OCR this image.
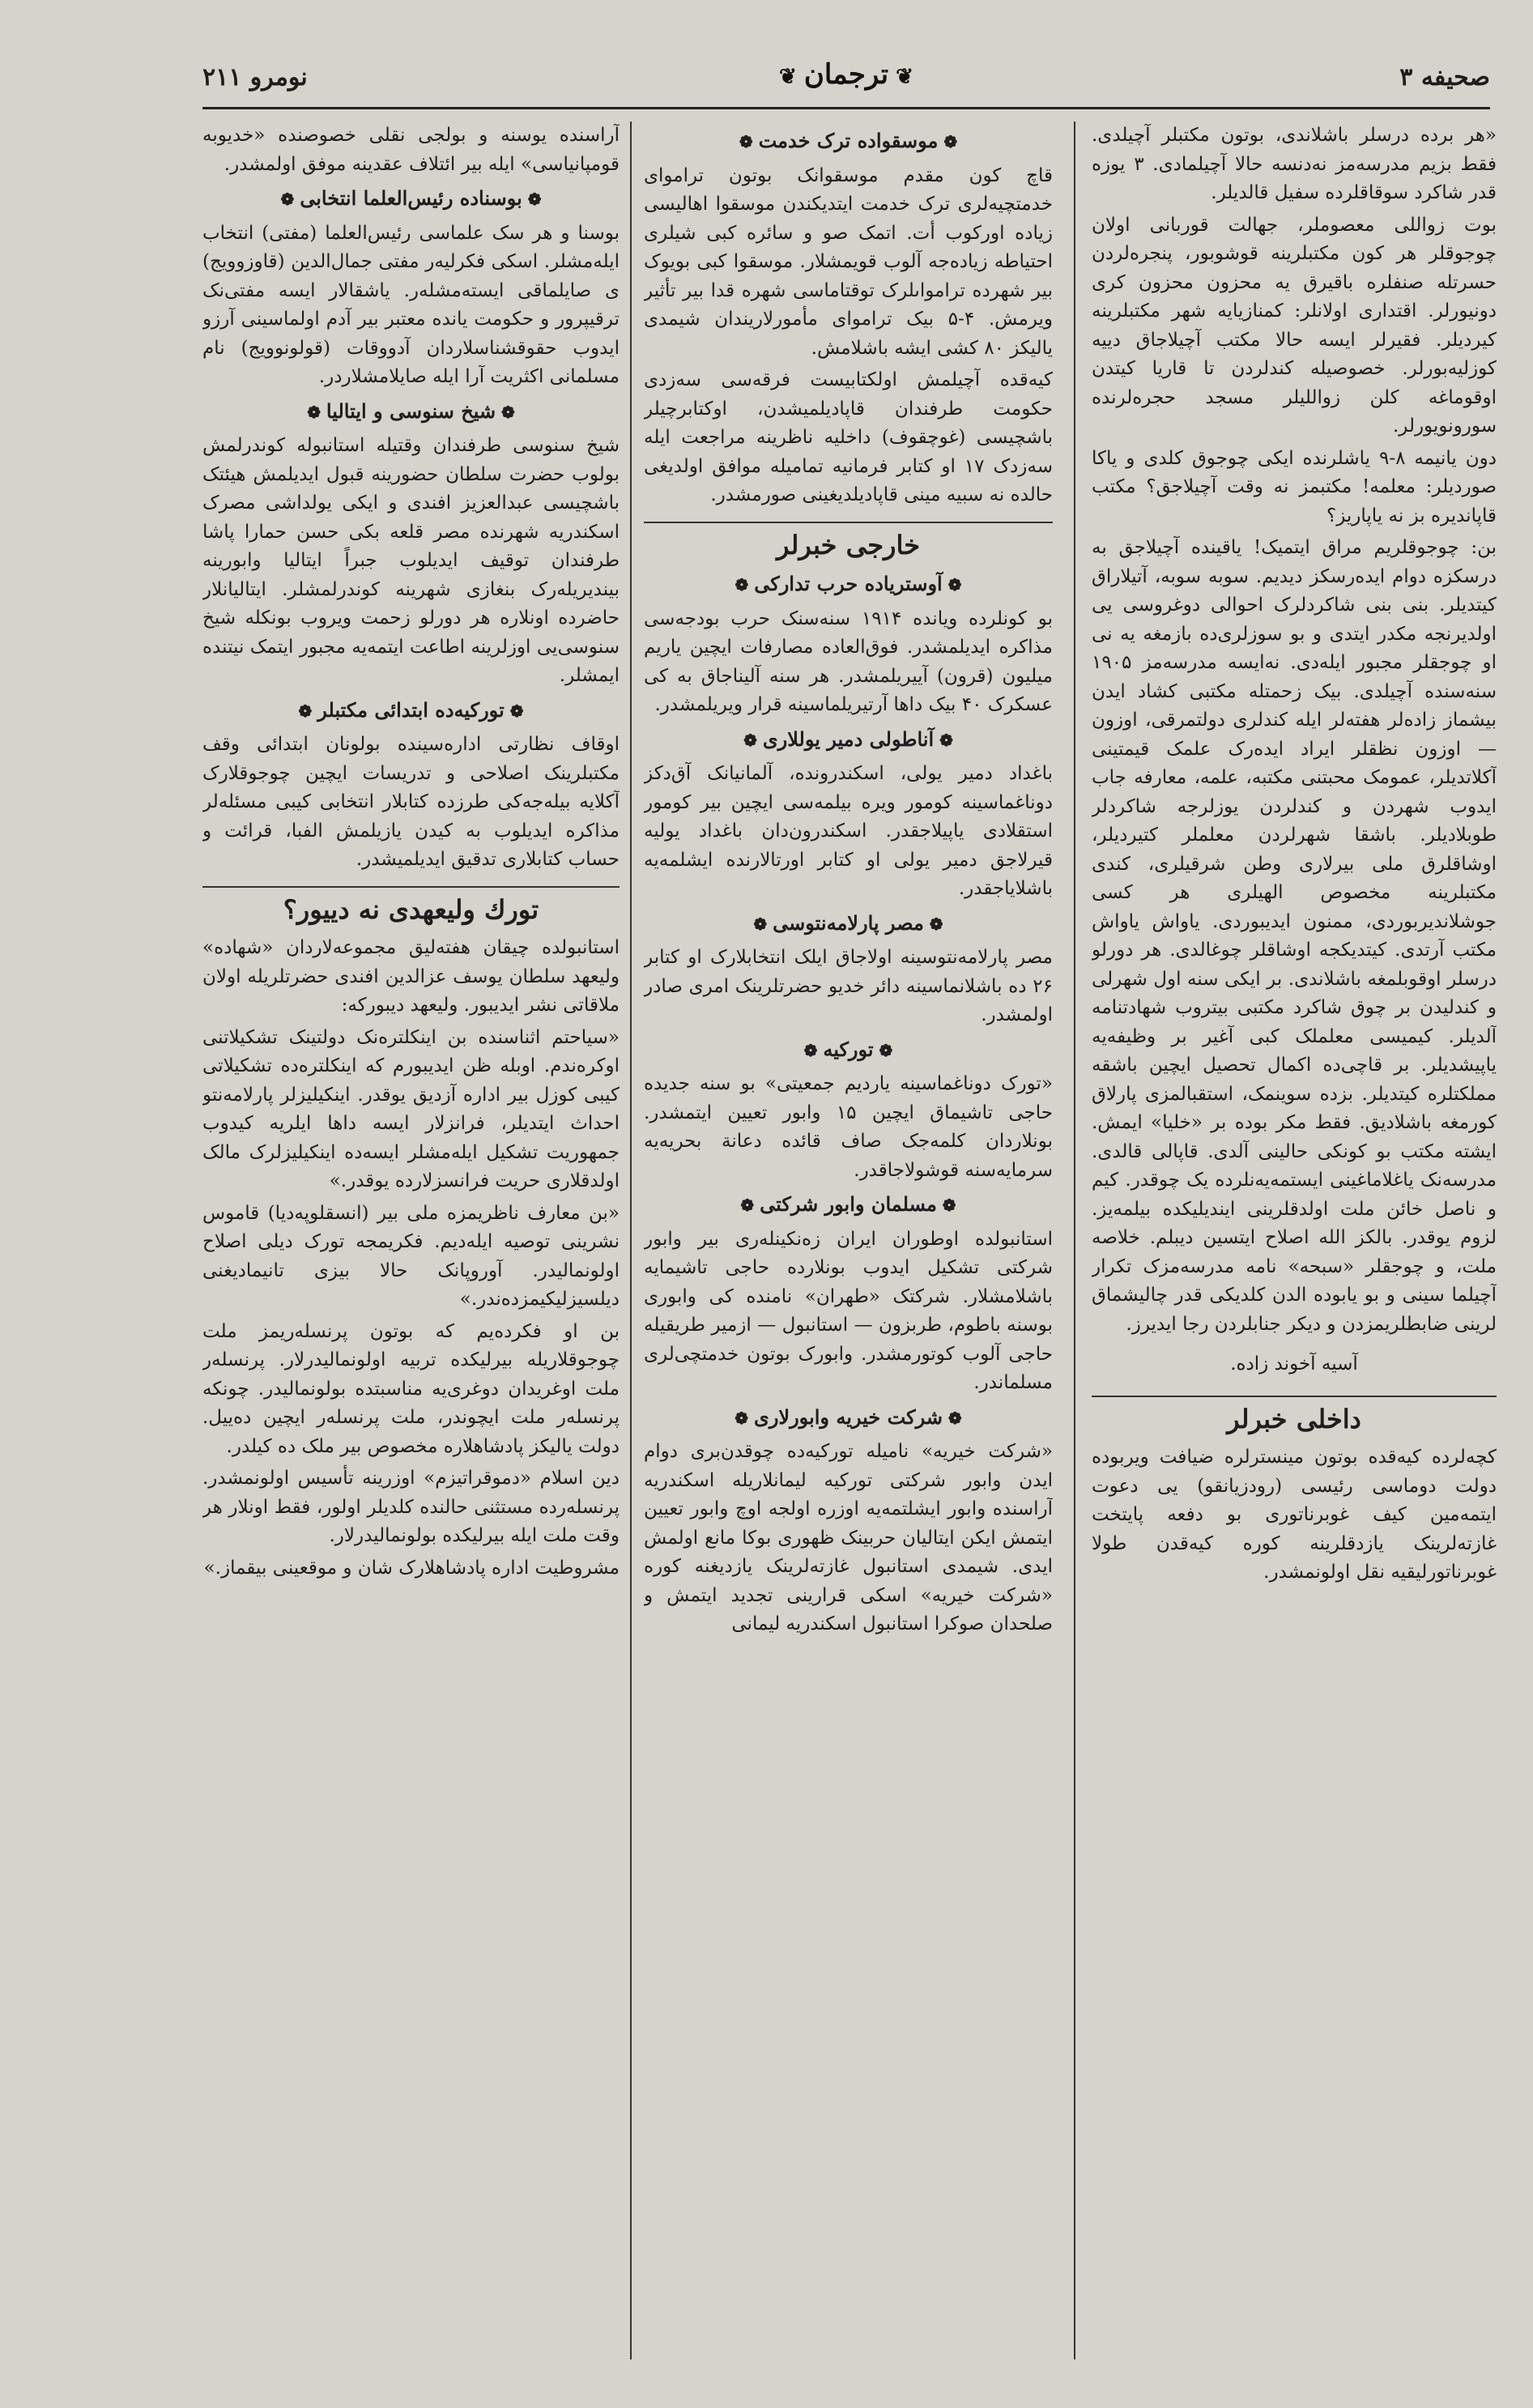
صحیفه ۳
❦ ترجمان ❦
نومرو ۲۱۱

«هر برده درسلر باشلاندی، بوتون مکتبلر آچیلدی. فقط بزیم مدرسه‌مز نه‌دنسه حالا آچیلمادی. ۳ یوزه قدر شاکرد سوقاقلرده سفیل قالدیلر.

بوت زواللی معصوملر، جهالت قوربانی اولان چوجوقلر هر کون مکتبلرینه قوشوبور، پنجره‌لردن حسرتله صنفلره باقیرق یه محزون محزون کری دونیورلر. اقتداری اولانلر: کمنازیایه شهر مکتبلرینه کیردیلر. فقیرلر ایسه حالا مکتب آچیلاجاق دییه کوزلیه‌بورلر. خصوصیله کندلردن تا قاریا کیتدن اوقوماغه کلن زواللیلر مسجد حجره‌لرنده سورونویورلر.

دون یانیمه ۸-۹ یاشلرنده ایکی چوجوق کلدی و یاکا صوردیلر: معلمه! مکتبمز نه وقت آچیلاجق؟ مکتب قاپاندیره بز نه یاپاریز؟

بن: چوجوقلریم مراق ایتمیک! یاقینده آچیلاجق به درسکزه دوام ایده‌رسکز دیدیم. سوبه سوبه، آتیلاراق کیتدیلر. بنی بنی شاکردلرک احوالی دوغروسی یی اولدیرنجه مکدر ایتدی و بو سوزلری‌ده بازمغه یه نی او چوجقلر مجبور ایله‌دی. نه‌ایسه مدرسه‌مز ۱۹۰۵ سنه‌سنده آچیلدی. بیک زحمتله مکتبی کشاد ایدن بیشماز زاده‌لر هفته‌لر ایله کندلری دولتمرقی، اوزون — اوزون نظقلر ایراد ایده‌رک علمک قیمتینی آکلاتدیلر، عمومک محبتنی مکتبه، علمه، معارفه جاب ایدوب شهردن و کندلردن یوزلرجه شاکردلر طوبلادیلر. باشقا شهرلردن معلملر کتیردیلر، اوشاقلرق ملی بیرلاری وطن شرقیلری، کندی مکتبلرینه مخصوص الهیلری هر کسی جوشلاندیربوردی، ممنون ایدیبوردی. یاواش یاواش مکتب آرتدی. کیتدیکجه اوشاقلر چوغالدی. هر دورلو درسلر اوقوبلمغه باشلاندی. بر ایکی سنه اول شهرلی و کندلیدن بر چوق شاکرد مکتبی بیتروب شهادتنامه آلدیلر. کیمیسی معلملک کبی آغیر بر وظیفه‌یه یاپیشدیلر. بر قاچی‌ده اکمال تحصیل ایچین باشقه مملکتلره کیتدیلر. بزده سوینمک، استقبالمزی پارلاق کورمغه باشلادیق. فقط مکر بوده بر «خلیا» ایمش. ایشته مکتب بو کونکی حالینی آلدی. قاپالی قالدی. مدرسه‌نک یاغلاماغینی ایستمه‌یه‌نلرده یک چوقدر. کیم و ناصل خائن ملت اولدقلرینی ایندیلیکده بیلمه‌یز. لزوم یوقدر. بالکز الله اصلاح ایتسین دیبلم. خلاصه ملت، و چوجقلر «سبحه» نامه مدرسه‌مزک تکرار آچیلما سینی و بو یابوده الدن کلدیکی قدر چالیشماق لرینی ضابطلریمزدن و دیکر جنابلردن رجا ایدیرز.

آسیه آخوند زاده.
داخلی خبرلر

کچه‌لرده کیه‌قده بوتون مینسترلره ضیافت ویربوده دولت دوماسی رئیسی (رودزیانقو) یی دعوت ایتمه‌مین کیف غوبرناتوری بو دفعه پایتخت غازته‌لرینک یازدقلرینه کوره کیه‌قدن طولا غوبرناتورلیقیه نقل اولونمشدر.

❁ موسقواده ترک خدمت ❁

قاچ کون مقدم موسقوانک بوتون ترامواى خدمتچیه‌لری ترک خدمت ایتدیکندن موسقوا اهالیسی زیاده اورکوب أت. اتمک صو و سائره کبی شیلری احتیاطه زیاده‌جه آلوب قویمشلار. موسقوا کبی بویوک بیر شهرده ترامواىلرک توقتاماسی شهره قدا بیر تأثیر ویرمش. ۴-۵ بیک ترامواى مأمورلاریندان شیمدی یالیکز ۸۰ کشی ایشه باشلامش.

کیه‌قده آچیلمش اولکتابیست فرقه‌سی سه‌زدی حکومت طرفندان قاپادیلمیشدن، اوکتابرچیلر باشچیسی (غوچقوف) داخلیه ناظرینه مراجعت ایله سه‌زدک ۱۷ او کتابر فرمانیه تمامیله موافق اولدیغی حالده نه سبیه مینی قاپادیلدیغینی صورمشدر.

خارجی خبرلر
❁ آوستریاده حرب تدارکی ❁

بو کونلرده ویانده ۱۹۱۴ سنه‌سنک حرب بودجه‌سی مذاکره ایدیلمشدر. فوق‌العاده مصارفات ایچین یاریم میلیون (قرون) آییریلمشدر. هر سنه آلیناجاق به کی عسکرک ۴۰ بیک داها آرتیریلماسینه قرار ویریلمشدر.

❁ آناطولی دمیر یوللاری ❁

باغداد دمیر یولی، اسکندرونده، آلمانیانک آق‌دکز دوناغماسینه کومور ویره بیلمه‌سی ایچین بیر کومور استقلادی یاپیلاجقدر. اسکندرون‌دان باغداد یولیه قیرلاجق دمیر یولی او کتابر اورتالارنده ایشلمه‌یه باشلایاجقدر.

❁ مصر پارلامه‌نتوسی ❁

مصر پارلامه‌نتوسینه اولاجاق ایلک انتخابلارک او کتابر ۲۶ ده باشلانماسینه دائر خدیو حضرتلرینک امری صادر اولمشدر.

❁ توركيه ❁

«تورک دوناغماسینه یاردیم جمعیتی» بو سنه جدیده حاجی تاشیماق ایچین ۱۵ وابور تعیین ایتمشدر. بونلاردان کلمه‌جک صاف قائده دعانة بحریه‌یه سرمایه‌سنه قوشولاجاقدر.

❁ مسلمان وابور شرکتی ❁

استانبولده اوطوران ایران زه‌نکینله‌ری بیر وابور شرکتی تشکیل ایدوب بونلارده حاجی تاشیمایه باشلامشلار. شرکتک «طهران» نامنده کی وابوری بوسنه باطوم، طربزون — استانبول — ازمیر طریقیله حاجی آلوب کوتورمشدر. وابورک بوتون خدمتچی‌لری مسلماندر.

❁ شرکت خیریه وابورلاری ❁

«شرکت خیریه» نامیله تورکیه‌ده چوقدن‌بری دوام ایدن وابور شرکتی تورکیه لیمانلاریله اسکندریه آراسنده وابور ایشلتمه‌یه اوزره اولجه اوچ وابور تعیین ایتمش ایکن ایتالیان حربینک ظهوری بوکا مانع اولمش ایدی. شیمدی‌ استانبول غازته‌لرینک یازدیغنه کوره «شرکت خیریه» اسکی قرارینی تجدید ایتمش و صلحدان صوکرا استانبول اسکندریه لیمانی

آراسنده یوسنه و بولجی نقلی خصوصنده «خدیوبه قومپانیاسی» ایله بیر ائتلاف عقدینه موفق اولمشدر.

❁ بوسناده رئیس‌العلما انتخابی ❁

بوسنا و هر سک علماسی رئیس‌العلما (مفتی) انتخاب ایله‌مشلر. اسکی فکرلیه‌ر مفتی جمال‌الدین (قاوزوویج) ی صایلماقی ایسته‌مشله‌ر. یاشقالار ایسه مفتی‌نک ترقیپرور و حکومت یانده معتبر بیر آدم اولماسینی آرزو ایدوب حقوقشناسلاردان آدووقات (قولونوویج) نام مسلمانی اکثریت آرا ایله صایلامشلاردر.

❁ شیخ سنوسی و ایتالیا ❁

شیخ سنوسی طرفندان وقتیله استانبوله کوندرلمش بولوب حضرت سلطان حضورینه قبول ایدیلمش هیئتک باشچیسی عبدالعزیز افندی و ایکی یولداشی مصرک اسکندریه شهرنده مصر قلعه بکی حسن حمارا پاشا طرفندان توقیف ایدیلوب جبراً ایتالیا وابورینه بیندیریله‌رک بنغازی شهرینه کوندرلمشلر. ایتالیانلار حاضرده اونلاره هر دورلو زحمت ویروب بونکله شیخ سنوسی‌یی اوزلرینه اطاعت ایتمه‌یه مجبور ایتمک نیتنده ایمشلر.

❁ تورکیه‌ده ابتدائی مکتبلر ❁

اوقاف نظارتی اداره‌سینده بولونان ابتدائی وقف مکتبلرینک اصلاحی و تدریسات ایچین چوجوقلارک آکلایه بیله‌جه‌کی طرزده کتابلار انتخابی کیبی مسئله‌لر مذاکره ایدیلوب به کیدن یازیلمش الفبا، قرائت و حساب کتابلاری تدقیق ایدیلمیشدر.

تورك ولیعهدی نه دییور؟

استانبولده چیقان هفته‌لیق مجموعه‌لاردان «شهاده» ولیعهد سلطان یوسف عزالدین افندی حضرتلریله اولان ملاقاتی نشر ایدیبور. ولیعهد دیبورکه:

«سیاحتم اثناسنده بن اینکلتره‌نک دولتینک تشکیلاتنی اوکره‌ندم. اوبله ظن ایدیبورم که اینکلتره‌ده تشکیلاتی کیبی کوزل بیر اداره آزدیق یوقدر. اینکیلیزلر پارلامه‌نتو احداث ایتدیلر، فرانزلار ایسه داها ایلریه کیدوب جمهوریت تشکیل ایله‌مشلر ایسه‌ده اینکیلیزلرک مالک اولدقلاری حریت فرانسزلارده یوقدر.»

«بن معارف ناظریمزه ملی بیر (انسقلوپه‌دیا) قاموس نشرینی توصیه ایله‌دیم. فکریمجه تورک دیلی اصلاح اولونمالیدر. آوروپانک حالا بیزی تانیمادیغنی دیلسیزلیکیمزده‌ندر.»

بن او فکرده‌یم که بوتون پرنسله‌ریمز ملت چوجوقلاریله بیرلیکده تربیه اولونمالیدرلار. پرنسله‌ر ملت اوغریدان دوغری‌یه مناسبتده بولونمالیدر. چونکه پرنسله‌ر ملت ایچوندر، ملت پرنسله‌ر ایچین ده‌ییل. دولت یالیکز پادشاهلاره مخصوص بیر ملک ده کیلدر.

دین اسلام «دموقراتیزم» اوزرینه تأسیس اولونمشدر. پرنسله‌رده مستثنی حالنده کلدیلر اولور، فقط اونلار هر وقت ملت ایله بیرلیکده بولونمالیدرلار.

مشروطیت اداره پادشاهلارک شان و موقعینی بیقماز.»
